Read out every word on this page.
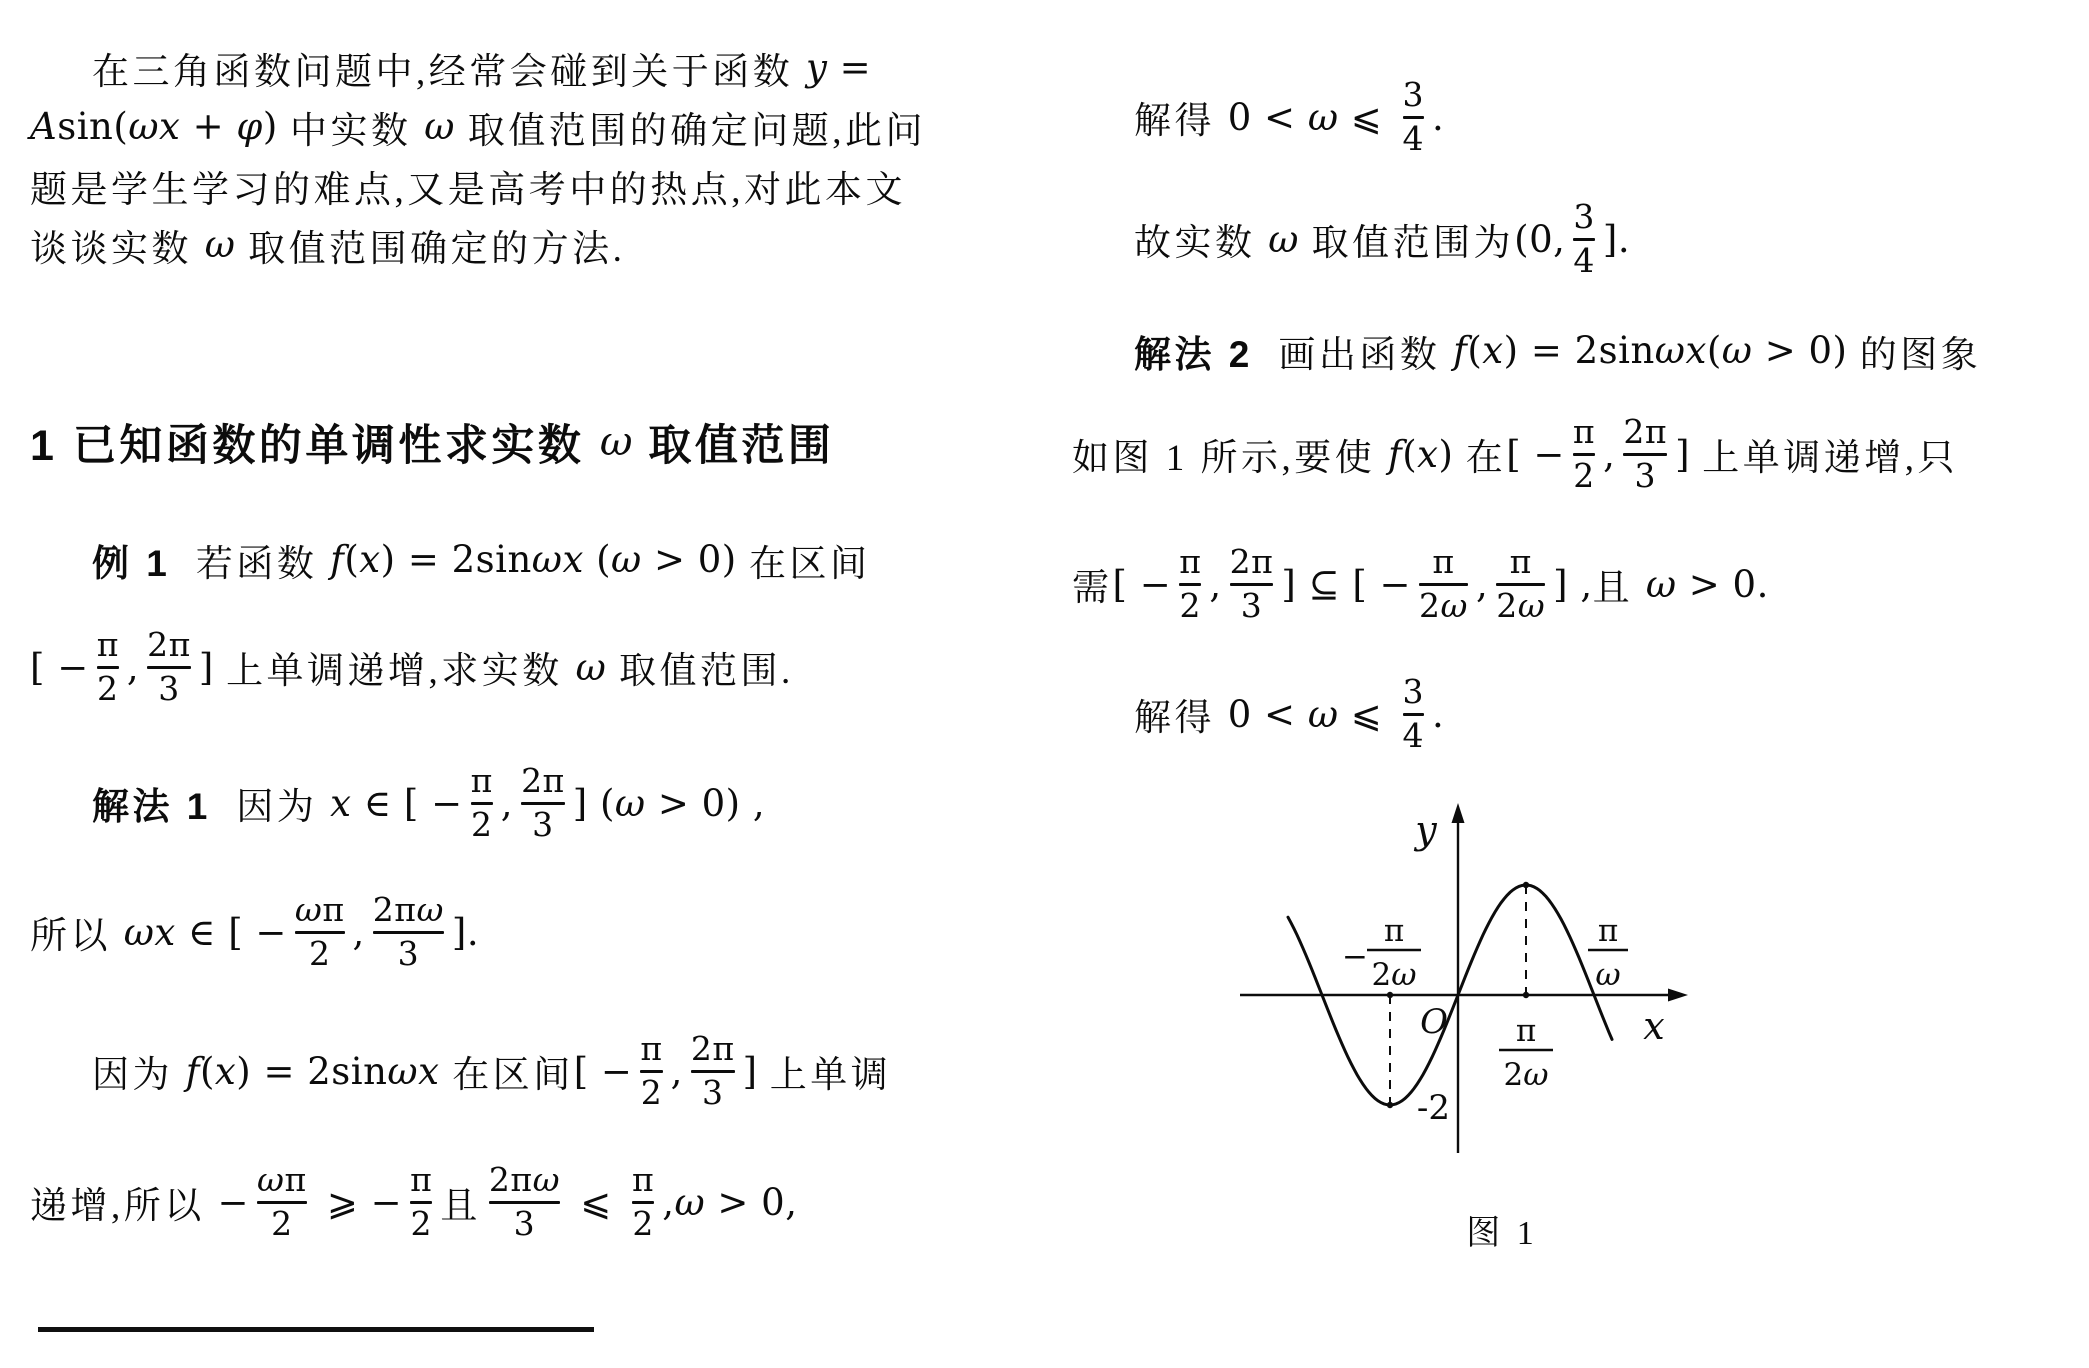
在三角函数问题中,经常会碰到关于函数 y =
A sin( ωx + φ ) 中实数 ω 取值范围的确定问题,此问
题是学生学习的难点,又是高考中的热点,对此本文
谈谈实数 ω 取值范围确定的方法.
1 已知函数的单调性求实数 ω 取值范围
例 1 若函数 f ( x ) = 2sin ωx ( ω > 0) 在区间
[ − $\frac{\pi}{2}$ , $\frac{2\pi}{3}$ ] 上单调递增,求实数 ω 取值范围.
解法 1 因为 x ∈ [ − $\frac{\pi}{2}$ , $\frac{2\pi}{3}$ ] ( ω > 0) ,
所以 ωx ∈ [ − $\frac{\text{ω π}}{2}$ , $\frac{\text{2π ω}}{3}$ ].
因为 f ( x ) = 2sin ωx 在区间 [ − $\frac{\pi}{2}$ , $\frac{2\pi}{3}$ ] 上单调
递增,所以 − $\frac{\text{ω π}}{2}$ ⩾ − $\frac{\pi}{2}$ 且 $\frac{\text{2π ω}}{3}$ ⩽ $\frac{\pi}{2}$ , ω > 0,
解得 0 < ω ⩽ $\frac{3}{4}$ .
故实数 ω 取值范围为 (0, $\frac{3}{4}$ ].
解法 2 画出函数 f ( x ) = 2sin ωx ( ω > 0) 的图象
如图 1 所示,要使 f ( x ) 在 [ − $\frac{\pi}{2}$ , $\frac{2\pi}{3}$ ] 上单调递增,只
需 [ − $\frac{\pi}{2}$ , $\frac{2\pi}{3}$ ] ⊆ [ − $\frac{\pi}{2 \omega}$ , $\frac{\pi}{2 \omega}$ ] , 且 ω > 0.
解得 0 < ω ⩽ $\frac{3}{4}$ .
y
x
O
-2
−
π
2ω
π
2ω
π
ω
图 1
